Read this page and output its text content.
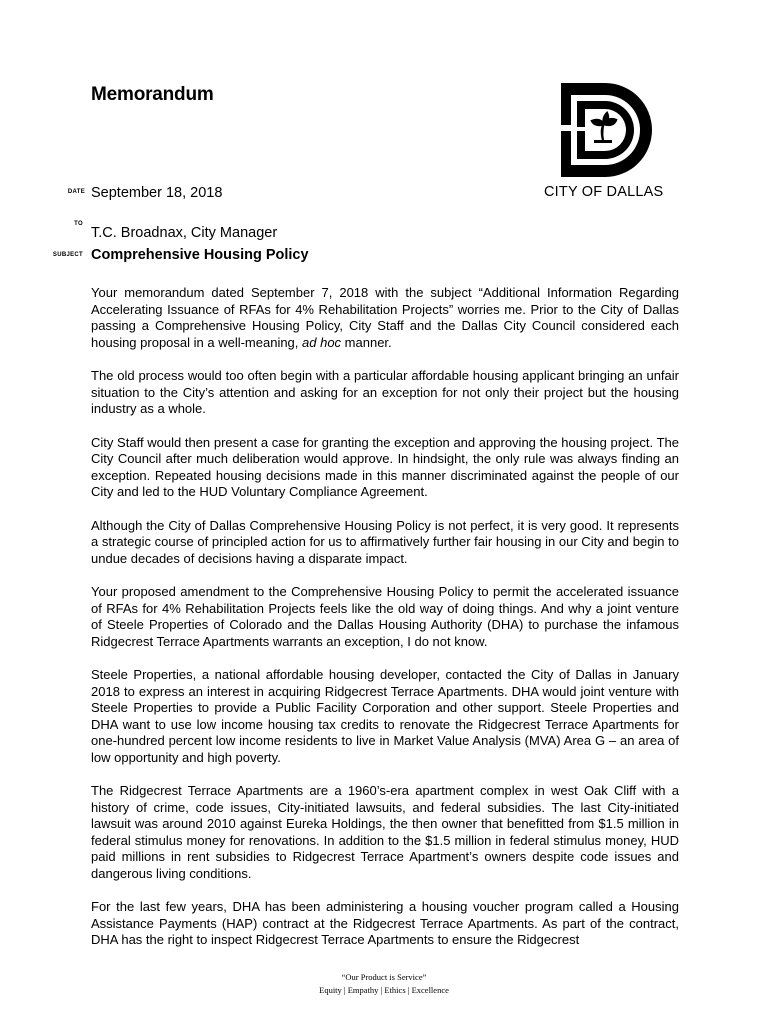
Memorandum
CITY OF DALLAS
DATE September 18, 2018
TO
T.C. Broadnax, City Manager
SUBJECT Comprehensive Housing Policy

Your memorandum dated September 7, 2018 with the subject “Additional Information Regarding Accelerating Issuance of RFAs for 4% Rehabilitation Projects” worries me. Prior to the City of Dallas passing a Comprehensive Housing Policy, City Staff and the Dallas City Council considered each housing proposal in a well-meaning, ad hoc manner.

The old process would too often begin with a particular affordable housing applicant bringing an unfair situation to the City’s attention and asking for an exception for not only their project but the housing industry as a whole.

City Staff would then present a case for granting the exception and approving the housing project. The City Council after much deliberation would approve. In hindsight, the only rule was always finding an exception. Repeated housing decisions made in this manner discriminated against the people of our City and led to the HUD Voluntary Compliance Agreement.

Although the City of Dallas Comprehensive Housing Policy is not perfect, it is very good. It represents a strategic course of principled action for us to affirmatively further fair housing in our City and begin to undue decades of decisions having a disparate impact.

Your proposed amendment to the Comprehensive Housing Policy to permit the accelerated issuance of RFAs for 4% Rehabilitation Projects feels like the old way of doing things. And why a joint venture of Steele Properties of Colorado and the Dallas Housing Authority (DHA) to purchase the infamous Ridgecrest Terrace Apartments warrants an exception, I do not know.

Steele Properties, a national affordable housing developer, contacted the City of Dallas in January 2018 to express an interest in acquiring Ridgecrest Terrace Apartments. DHA would joint venture with Steele Properties to provide a Public Facility Corporation and other support. Steele Properties and DHA want to use low income housing tax credits to renovate the Ridgecrest Terrace Apartments for one-hundred percent low income residents to live in Market Value Analysis (MVA) Area G – an area of low opportunity and high poverty.

The Ridgecrest Terrace Apartments are a 1960’s-era apartment complex in west Oak Cliff with a history of crime, code issues, City-initiated lawsuits, and federal subsidies. The last City-initiated lawsuit was around 2010 against Eureka Holdings, the then owner that benefitted from $1.5 million in federal stimulus money for renovations. In addition to the $1.5 million in federal stimulus money, HUD paid millions in rent subsidies to Ridgecrest Terrace Apartment’s owners despite code issues and dangerous living conditions.

For the last few years, DHA has been administering a housing voucher program called a Housing Assistance Payments (HAP) contract at the Ridgecrest Terrace Apartments. As part of the contract, DHA has the right to inspect Ridgecrest Terrace Apartments to ensure the Ridgecrest

“Our Product is Service”
Equity | Empathy | Ethics | Excellence
